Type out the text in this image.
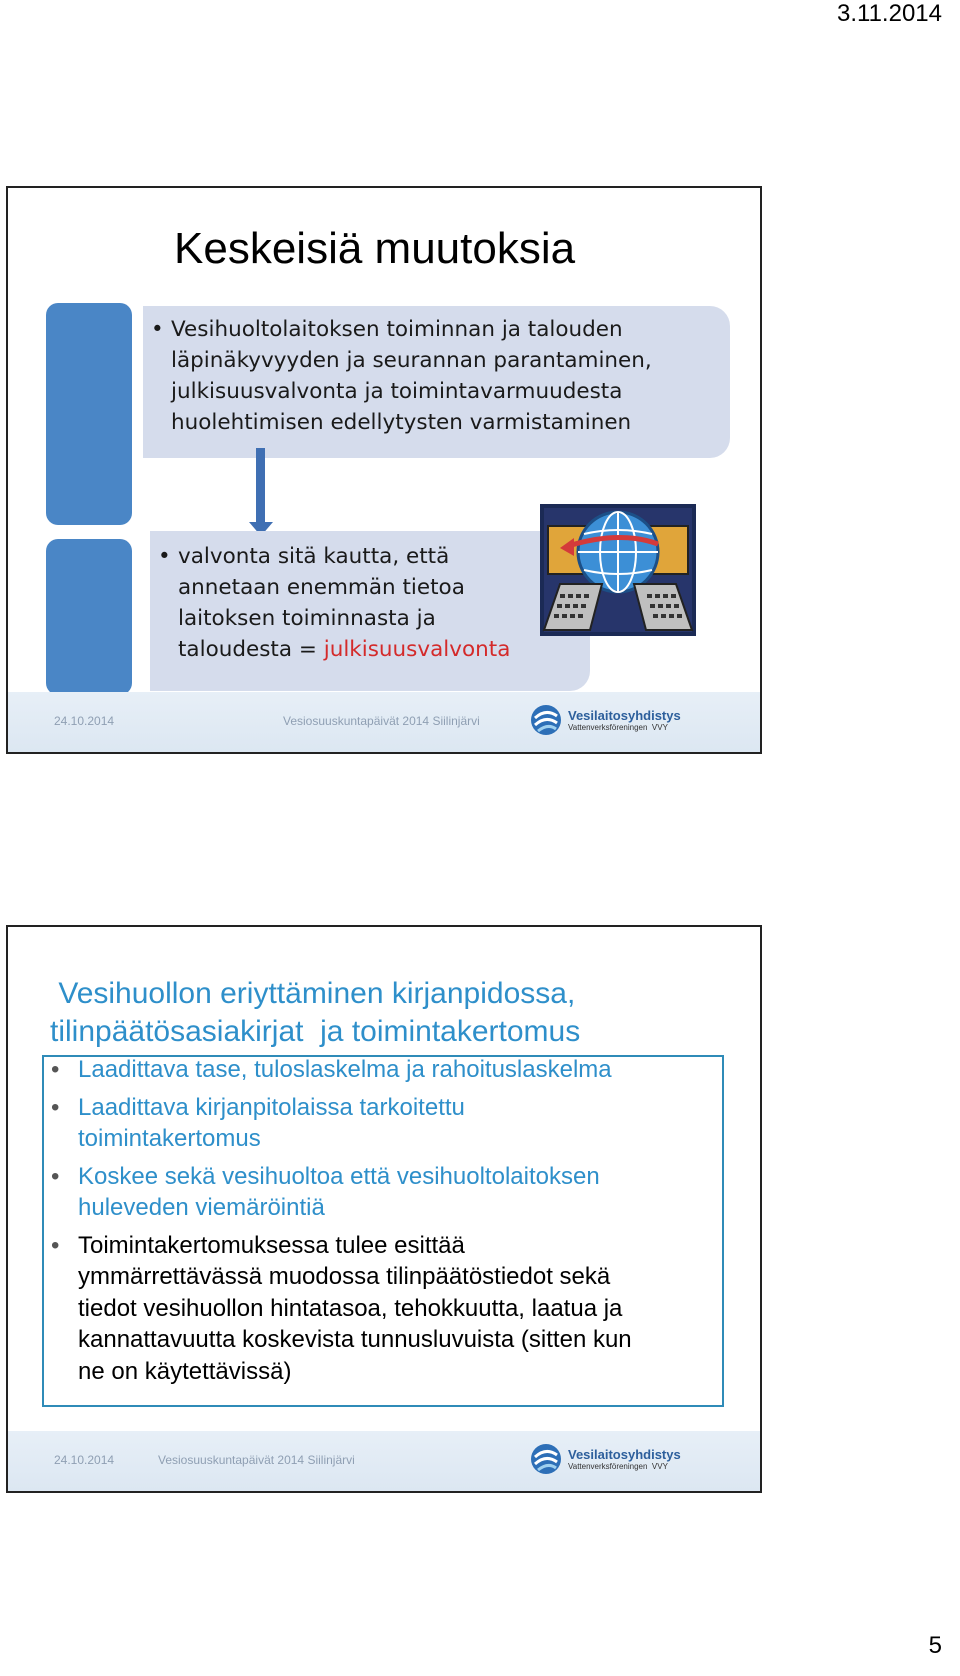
3.11.2014
Keskeisiä muutoksia
• Vesihuoltolaitoksen toiminnan ja talouden
läpinäkyvyyden ja seurannan parantaminen,
julkisuusvalvonta ja toimintavarmuudesta
huolehtimisen edellytysten varmistaminen
• valvonta sitä kautta, että
annetaan enemmän tietoa
laitoksen toiminnasta ja
taloudesta = julkisuusvalvonta
24.10.2014	Vesiosuuskuntapäivät 2014 Siilinjärvi	Vesilaitosyhdistys
Vattenverksföreningen  VVY
Vesihuollon eriyttäminen kirjanpidossa,
tilinpäätösasiakirjat  ja toimintakertomus
• Laadittava tase, tuloslaskelma ja rahoituslaskelma
• Laadittava kirjanpitolaissa tarkoitettu
toimintakertomus
• Koskee sekä vesihuoltoa että vesihuoltolaitoksen
huleveden viemäröintiä
• Toimintakertomuksessa tulee esittää
ymmärrettävässä muodossa tilinpäätöstiedot sekä
tiedot vesihuollon hintatasoa, tehokkuutta, laatua ja
kannattavuutta koskevista tunnusluvuista (sitten kun
ne on käytettävissä)
24.10.2014	Vesiosuuskuntapäivät 2014 Siilinjärvi	Vesilaitosyhdistys
Vattenverksföreningen  VVY
5
